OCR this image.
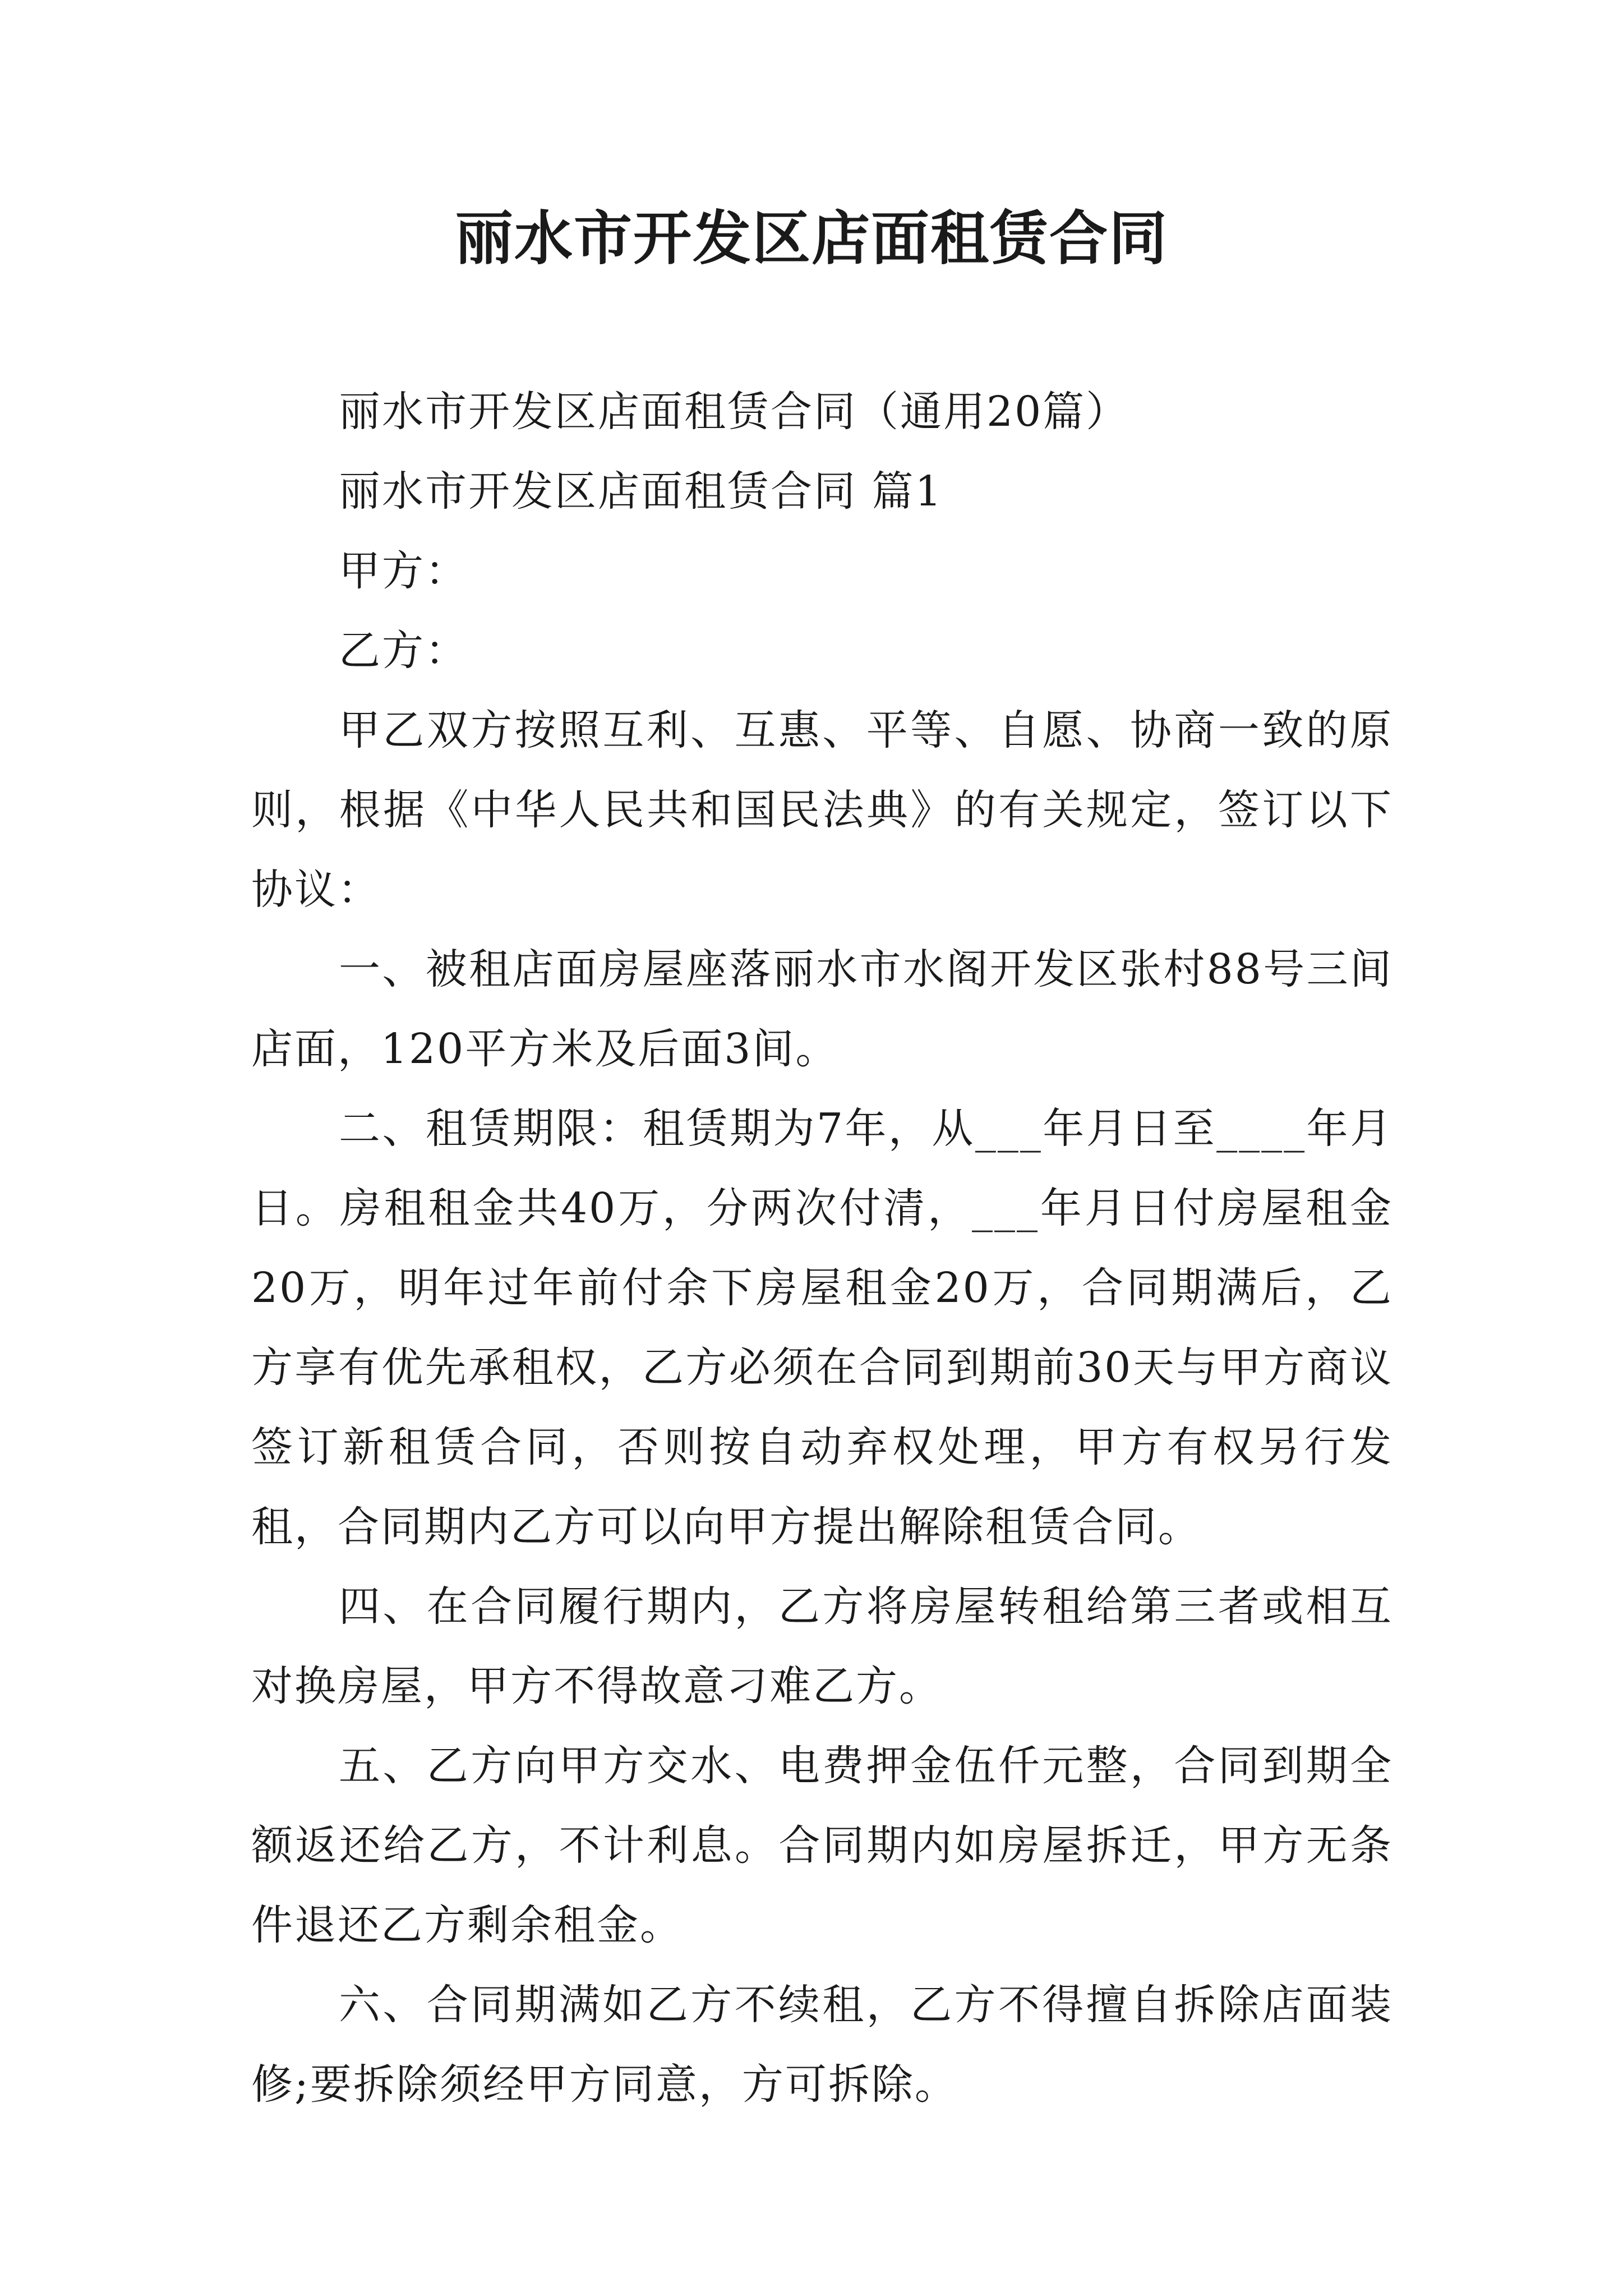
丽水市开发区店面租赁合同

丽水市开发区店面租赁合同（通用20篇）

丽水市开发区店面租赁合同 篇1

甲方：

乙方：

甲乙双方按照互利、互惠、平等、自愿、协商一致的原则，根据《中华人民共和国民法典》的有关规定，签订以下协议：

一、被租店面房屋座落丽水市水阁开发区张村88号三间店面，120平方米及后面3间。

二、租赁期限：租赁期为7年，从___年月日至____年月日。房租租金共40万，分两次付清，___年月日付房屋租金20万，明年过年前付余下房屋租金20万，合同期满后，乙方享有优先承租权，乙方必须在合同到期前30天与甲方商议签订新租赁合同，否则按自动弃权处理，甲方有权另行发租，合同期内乙方可以向甲方提出解除租赁合同。

四、在合同履行期内，乙方将房屋转租给第三者或相互对换房屋，甲方不得故意刁难乙方。

五、乙方向甲方交水、电费押金伍仟元整，合同到期全额返还给乙方，不计利息。合同期内如房屋拆迁，甲方无条件退还乙方剩余租金。

六、合同期满如乙方不续租，乙方不得擅自拆除店面装修;要拆除须经甲方同意，方可拆除。
